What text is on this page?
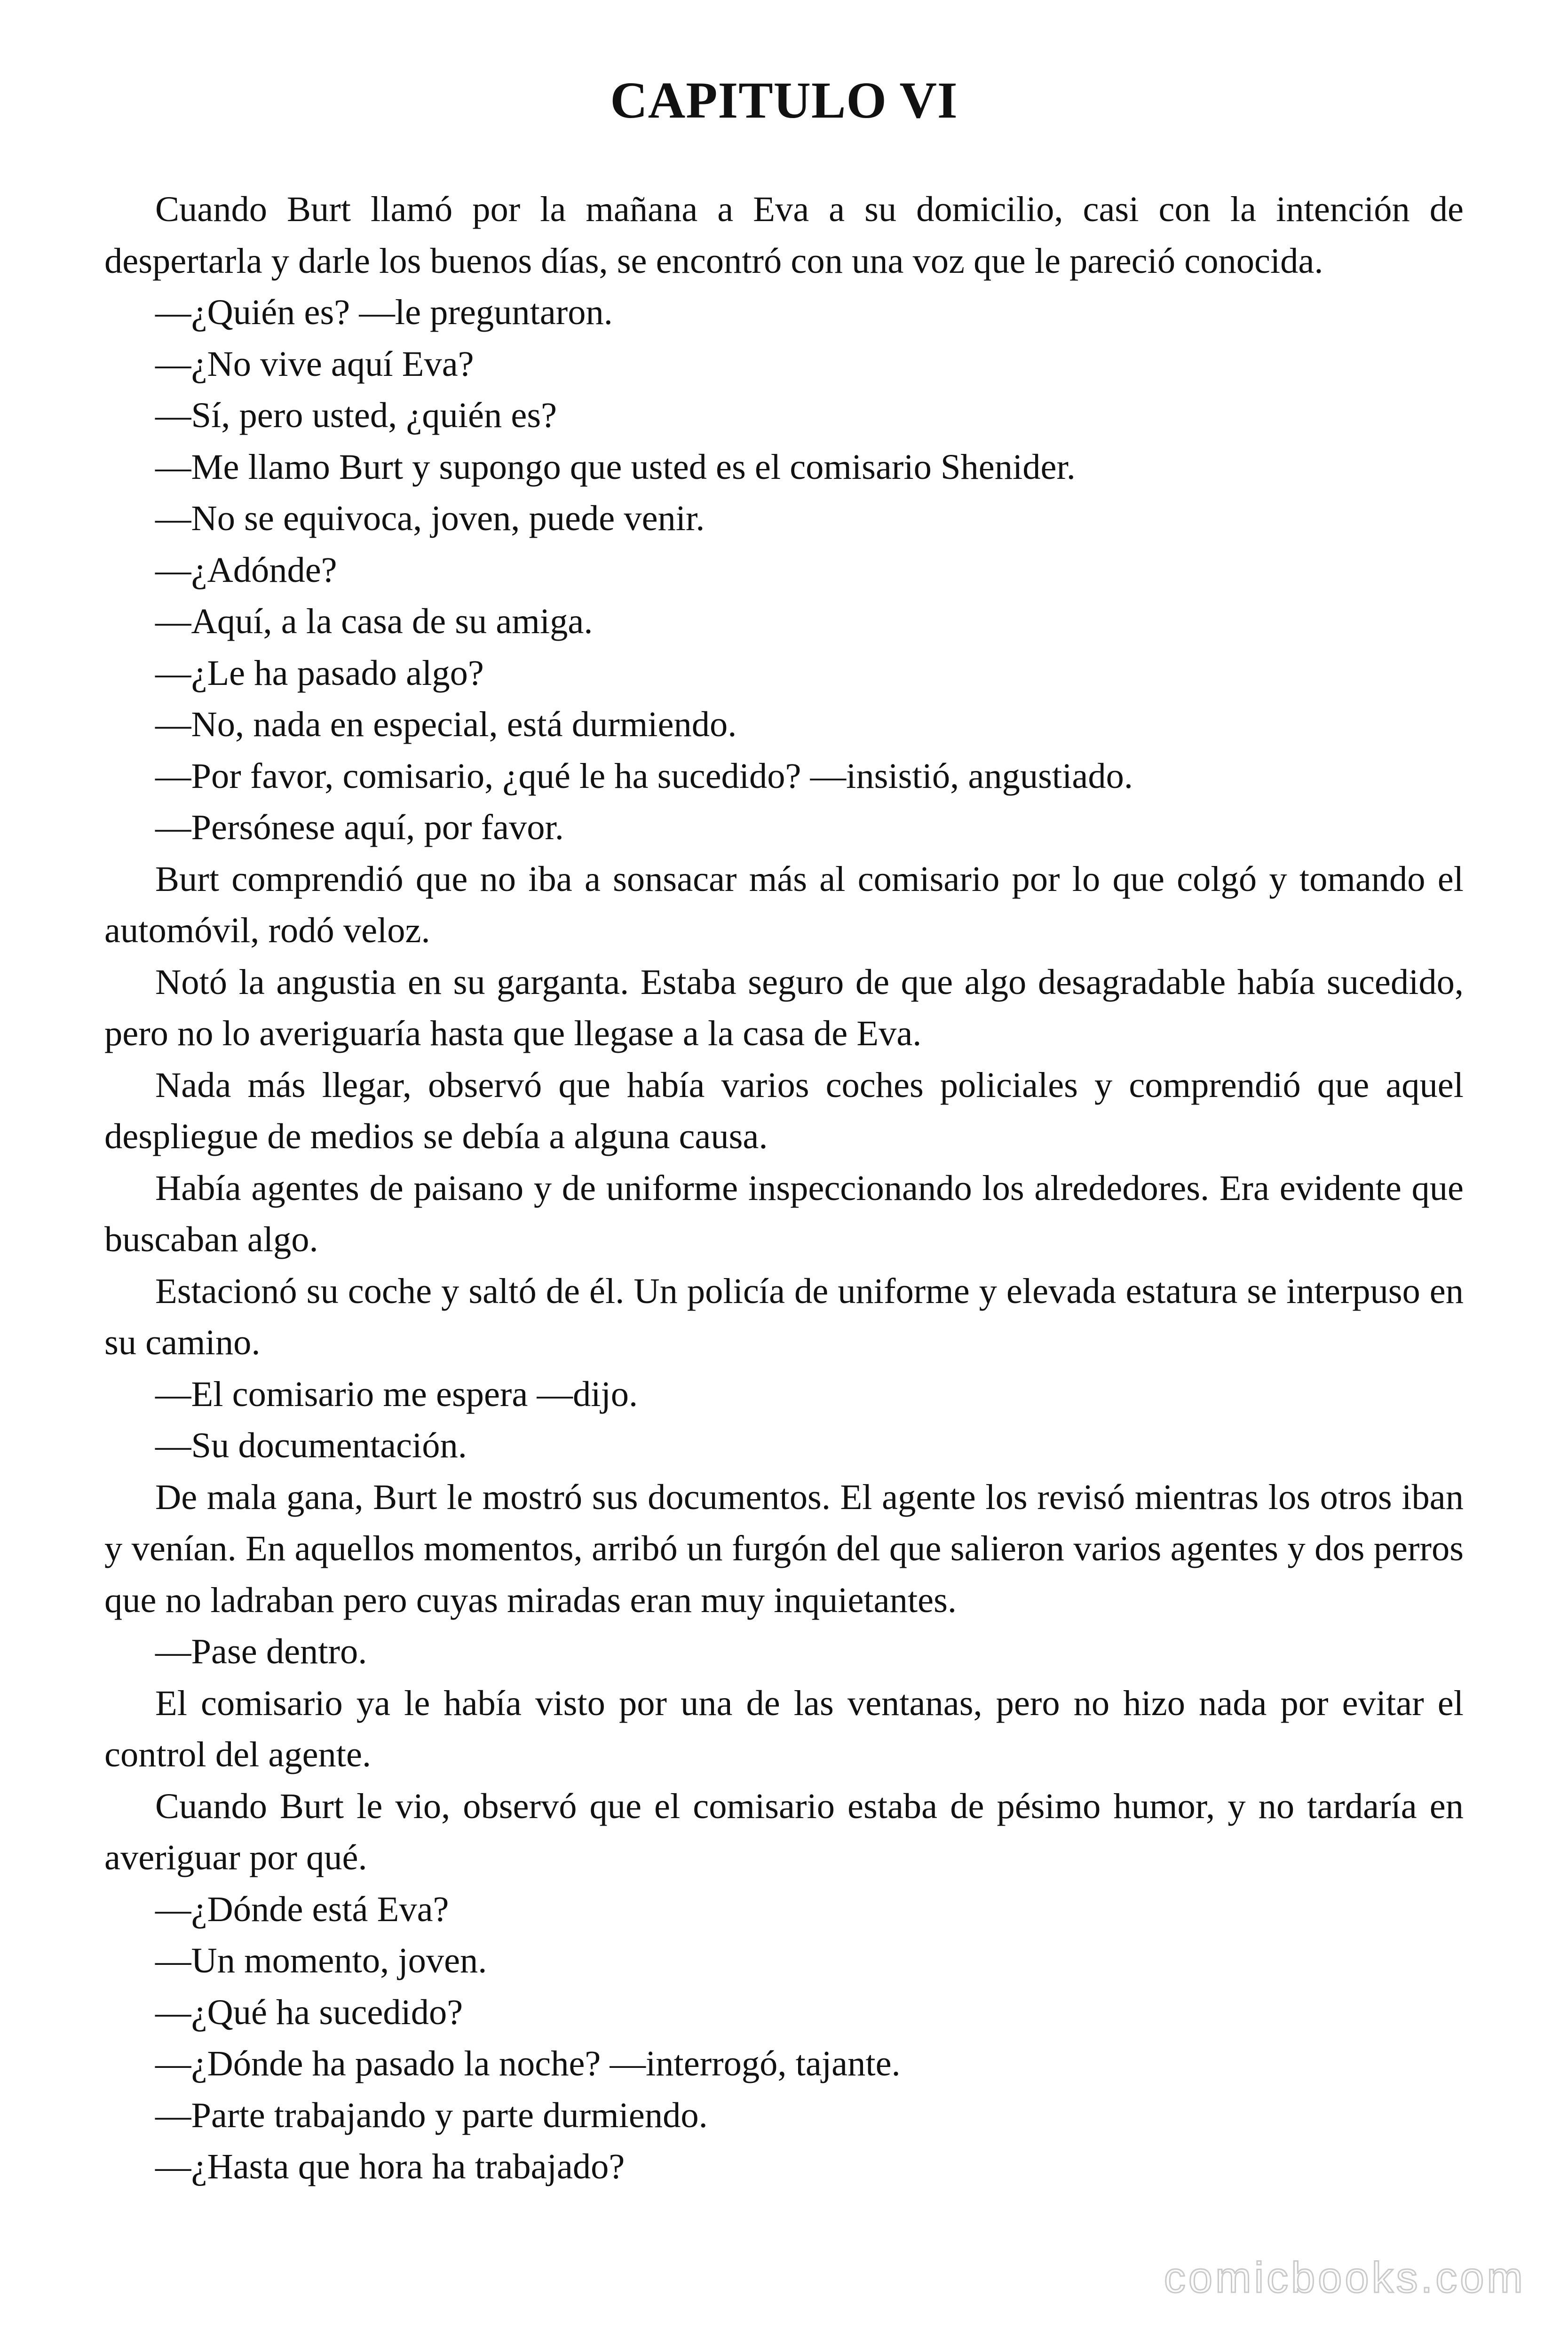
CAPITULO VI

Cuando Burt llamó por la mañana a Eva a su domicilio, casi con la intención de despertarla y darle los buenos días, se encontró con una voz que le pareció conocida.

—¿Quién es? —le preguntaron.

—¿No vive aquí Eva?

—Sí, pero usted, ¿quién es?

—Me llamo Burt y supongo que usted es el comisario Shenider.

—No se equivoca, joven, puede venir.

—¿Adónde?

—Aquí, a la casa de su amiga.

—¿Le ha pasado algo?

—No, nada en especial, está durmiendo.

—Por favor, comisario, ¿qué le ha sucedido? —insistió, angustiado.

—Persónese aquí, por favor.

Burt comprendió que no iba a sonsacar más al comisario por lo que colgó y tomando el automóvil, rodó veloz.

Notó la angustia en su garganta. Estaba seguro de que algo desagradable había sucedido, pero no lo averiguaría hasta que llegase a la casa de Eva.

Nada más llegar, observó que había varios coches policiales y comprendió que aquel despliegue de medios se debía a alguna causa.

Había agentes de paisano y de uniforme inspeccionando los alrededores. Era evidente que buscaban algo.

Estacionó su coche y saltó de él. Un policía de uniforme y elevada estatura se interpuso en su camino.

—El comisario me espera —dijo.

—Su documentación.

De mala gana, Burt le mostró sus documentos. El agente los revisó mientras los otros iban y venían. En aquellos momentos, arribó un furgón del que salieron varios agentes y dos perros que no ladraban pero cuyas miradas eran muy inquietantes.

—Pase dentro.

El comisario ya le había visto por una de las ventanas, pero no hizo nada por evitar el control del agente.

Cuando Burt le vio, observó que el comisario estaba de pésimo humor, y no tardaría en averiguar por qué.

—¿Dónde está Eva?

—Un momento, joven.

—¿Qué ha sucedido?

—¿Dónde ha pasado la noche? —interrogó, tajante.

—Parte trabajando y parte durmiendo.

—¿Hasta que hora ha trabajado?

comicbooks.com
